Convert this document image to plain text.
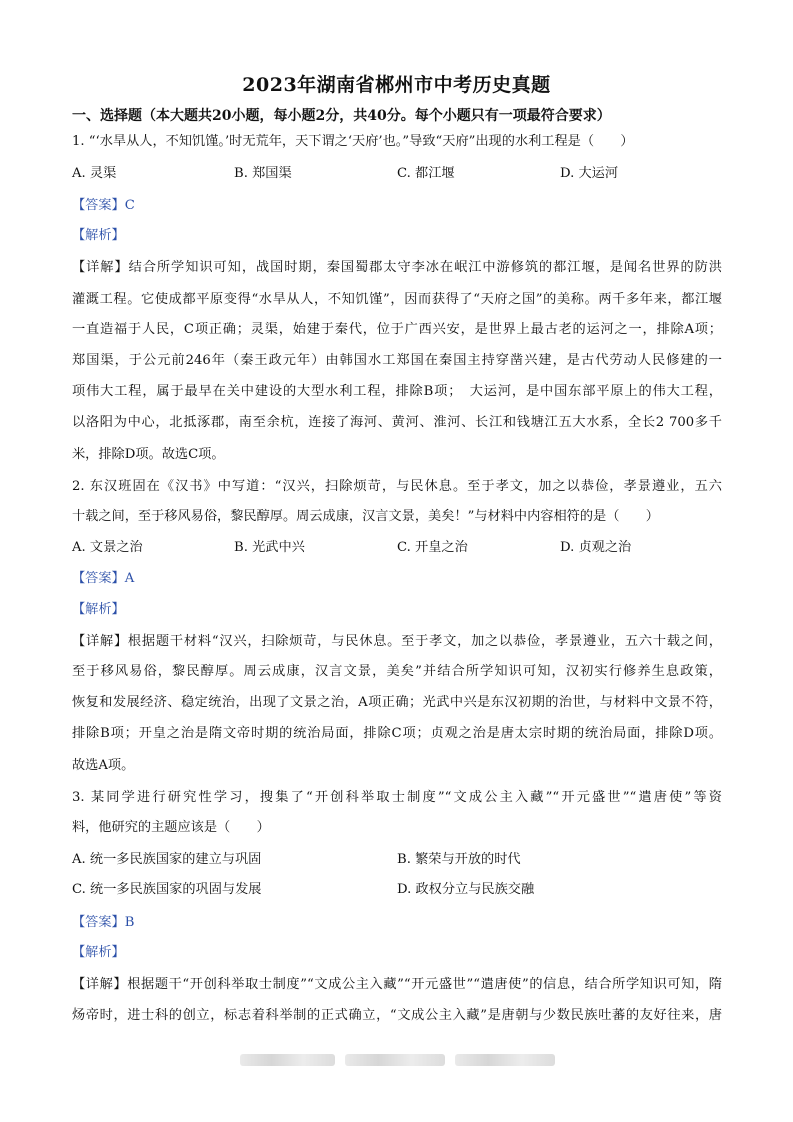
2023年湖南省郴州市中考历史真题
一、选择题（本大题共20小题，每小题2分，共40分。每个小题只有一项最符合要求）
1. “‘水旱从人，不知饥馑。’时无荒年，天下谓之‘天府’也。”导致“天府”出现的水利工程是（　　）
A. 灵渠	B. 郑国渠	C. 都江堰	D. 大运河
【答案】C
【解析】
【详解】结合所学知识可知，战国时期，秦国蜀郡太守李冰在岷江中游修筑的都江堰，是闻名世界的防洪
灌溉工程。它使成都平原变得“水旱从人，不知饥馑”，因而获得了“天府之国”的美称。两千多年来，都江堰
一直造福于人民，C项正确；灵渠，始建于秦代，位于广西兴安，是世界上最古老的运河之一，排除A项；
郑国渠，于公元前246年（秦王政元年）由韩国水工郑国在秦国主持穿凿兴建，是古代劳动人民修建的一
项伟大工程，属于最早在关中建设的大型水利工程，排除B项；　大运河，是中国东部平原上的伟大工程，
以洛阳为中心，北抵涿郡，南至余杭，连接了海河、黄河、淮河、长江和钱塘江五大水系，全长2 700多千
米，排除D项。故选C项。
2. 东汉班固在《汉书》中写道：“汉兴，扫除烦苛，与民休息。至于孝文，加之以恭俭，孝景遵业，五六
十载之间，至于移风易俗，黎民醇厚。周云成康，汉言文景，美矣！”与材料中内容相符的是（　　）
A. 文景之治	B. 光武中兴	C. 开皇之治	D. 贞观之治
【答案】A
【解析】
【详解】根据题干材料“汉兴，扫除烦苛，与民休息。至于孝文，加之以恭俭，孝景遵业，五六十载之间，
至于移风易俗，黎民醇厚。周云成康，汉言文景，美矣”并结合所学知识可知，汉初实行修养生息政策，
恢复和发展经济、稳定统治，出现了文景之治，A项正确；光武中兴是东汉初期的治世，与材料中文景不符，
排除B项；开皇之治是隋文帝时期的统治局面，排除C项；贞观之治是唐太宗时期的统治局面，排除D项。
故选A项。
3. 某同学进行研究性学习，搜集了“开创科举取士制度”“文成公主入藏”“开元盛世”“遣唐使”等资
料，他研究的主题应该是（　　）
A. 统一多民族国家的建立与巩固	B. 繁荣与开放的时代
C. 统一多民族国家的巩固与发展	D. 政权分立与民族交融
【答案】B
【解析】
【详解】根据题干“开创科举取士制度”“文成公主入藏”“开元盛世”“遣唐使”的信息，结合所学知识可知，隋
炀帝时，进士科的创立，标志着科举制的正式确立，“文成公主入藏”是唐朝与少数民族吐蕃的友好往来，唐
